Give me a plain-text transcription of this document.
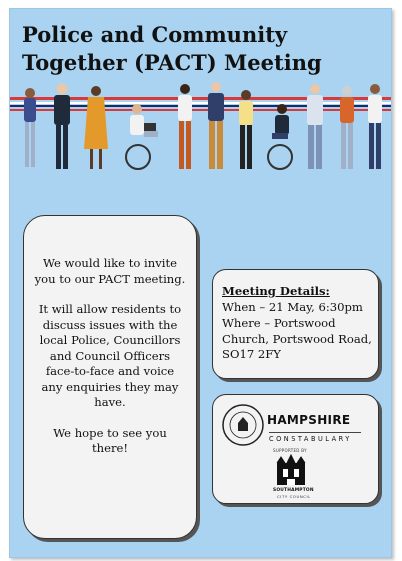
Police and Community Together (PACT) Meeting

We would like to invite you to our PACT meeting.

It will allow residents to discuss issues with the local Police, Councillors and Council Officers face-to-face and voice any enquiries they may have.

We hope to see you there!

Meeting Details:
When – 21 May, 6:30pm
Where – Portswood Church, Portswood Road, SO17 2FY
HAMPSHIRE
CONSTABULARY
SUPPORTED BY
SOUTHAMPTON
CITY COUNCIL
